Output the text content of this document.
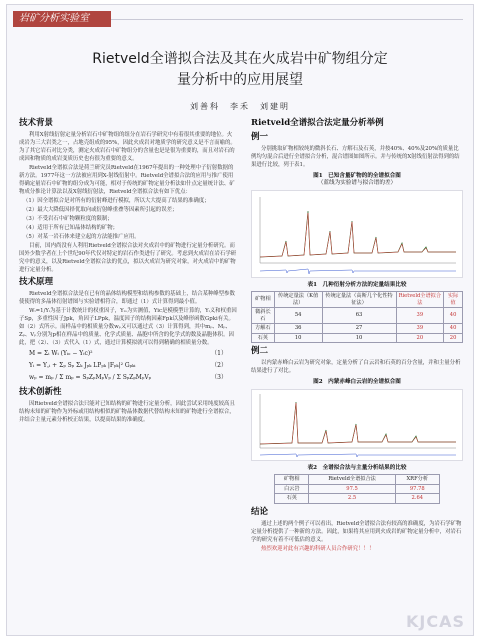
岩矿分析实验室
Rietveld全谱拟合法及其在火成岩中矿物组分定
量分析中的应用展望
刘善科　李禾　刘建明
技术背景
利用X射线衍射定量分析岩石中矿物组的组分在岩石学研究中有着很其重要的地位。火成岩为三大岩类之一，占地壳组成的95%，因此火成岩对地质学的研究意义是不言而喻的。为了其它岩石对比分类，测定火成岩石中矿物组分的含量也是是很为重要的，而且对岩石的成因和物质的成岩变质历史也有很为重要的意义。
Rietveld全谱拟合法是荷兰研究员Rietveld在1967年提出的一种处理中子衍射数据的新方法。1977年这一方法被应用到X-射线衍射中。Rietveld全谱拟合法的应用与推广使用得确定量岩石中矿物的组分成为可能，相对于传统的矿物定量分析法如什点定量统计法、矿物成分推论计算法以及X射线衍射法，Rietveld全谱拟合法有如下优点：
（1）因全谱拟合是对所有的衍射峰进行模拟，所以大大提高了结果的准确度；
（2）最大大降低因择优取向或衍射峰重叠等因素所引起的误差；
（3）不受岩石中矿物颗粒度的限制；
（4）适用于所有已知晶体结构的矿物；
（5）对某一岩石体来建立起的方法能推广应用。
目前，国内尚没有人利用Rietveld全谱拟合法对火成岩中的矿物进行定量分析研究。而国外少数学者在上个世纪90年代仅对特定的岩石作类进行了研究。考虑到火成岩在岩石学研究中的意义，以及Rietveld全谱拟合法的优点，拟以火成岩为研究对象，对火成岩中的矿物进行定量分析。
技术原理
Rietveld全谱拟合法是在已有的晶体结构模型和结构参数的基础上，结合某种峰型参数使使得的多晶体衍射谱图与实验谱相符合，即通过（1）式计算得到最小值。
Wᵢ=1/Yᵢ为基于计数统计的权重因子，Yᵢₒ为实测值，Yic是模模型计算的，Yᵢ义和权重因子Sp，多重性因子Jpk，角因子LPpk，温度因子的结构因素Fpk以及峰形函数Gpki有关。如（2）式所示。而样品中的相质量分数wₚ又可以通过式（3）计算得到，其中mₚ、Mₚ、Zₚ、Vₚ分别为p相在样品中的质量、化学式质量、晶胞中所含的化学式的数及晶胞体积。因此，把（2）、（3）式代入（1）式，通过计算模拟就可以得到精确的相质量分数。
M = Σᵢ Wᵢ (Yᵢₒ − Yᵢc)²	（1）
Yᵢ = Y꜀ᵢ + Σₚ Sₚ Σₖ Jₚₖ LPₚₖ |Fₚₖ|² Gₚₖᵢ	（2）
wₚ = mₚ / Σ mₚ = SₚZₚMₚVₚ / Σ SₚZₚMₚVₚ	（3）
技术创新性
因Rietveld全谱拟合法只能对已知结构的矿物进行定量分析，因此尝试采用纯度较高且结构未知的矿物作为外标或用结构相似的矿物晶体数据代替结构未知的矿物进行全谱拟合，并结合主量元素分析校正结果，以提高结果的准确度。
Rietveld全谱拟合法定量分析举例
例一
分别挑取矿物相较纯的微斜长石、方解石及石英，并按40%、40%及20%的质量比例均匀混合后进行全谱拟合分析，混合谱图如图所示。并与传统的X射线衍射法得到的结果进行比较，列于表1。
图1　已知含量矿物的的全谱拟合图
（蓝线为实验谱与拟合谱的差）
表1　几种衍射分析方法的定量结果比较
矿物相	传统定量法（K值法）	传统定量法（高斯几个化性特征法）	Rietveld全谱拟合法	实际值
微斜长石	54	63	39	40
方解石	36	27	39	40
石英	10	10	20	20
例二
以内蒙赤峰白云岩为研究对象，定量分析了白云岩和石英的百分含量，并和主量分析结果进行了对比。
图2　内蒙赤峰白云岩的全谱拟合图
表2　全谱拟合法与主量分析结果的比较
矿物相	Rietveld全谱拟合法	XRF分析
白云岩	97.5	97.78
石英	2.5	2.64
结论
通过上述的两个例子可以看出，Rietveld全谱拟合法有较高的准确度，为岩石学矿物定量分析提供了一种新的方法。因此，如果将其应用到火成岩的矿物定量分析中，对岩石学的研究有着不可低估的意义。
热烈欢迎对此有兴趣的科研人员合作研究！！！
KJCAS
